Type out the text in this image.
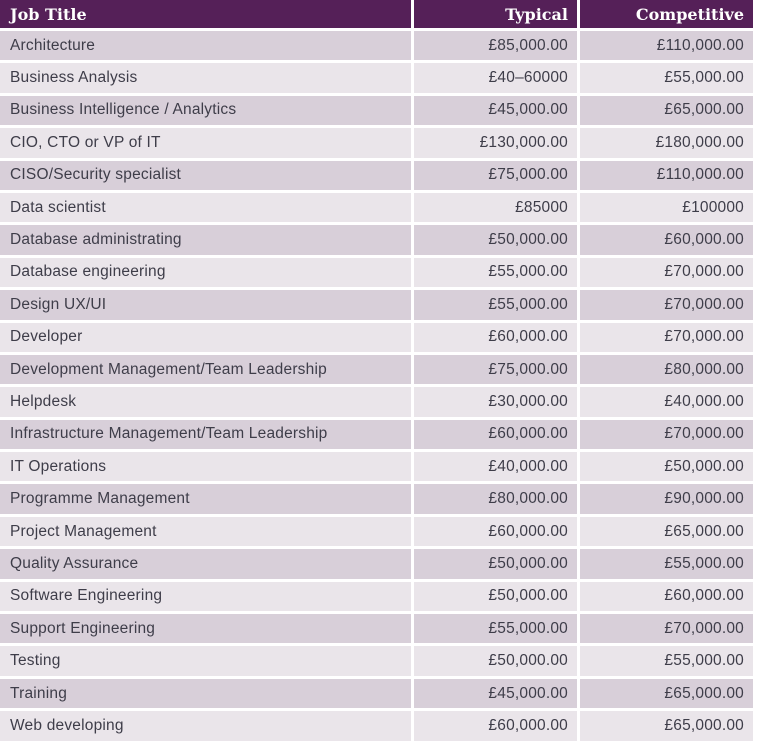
Job Title	Typical	Competitive
Architecture	£85,000.00	£110,000.00
Business Analysis	£40–60000	£55,000.00
Business Intelligence / Analytics	£45,000.00	£65,000.00
CIO, CTO or VP of IT	£130,000.00	£180,000.00
CISO/Security specialist	£75,000.00	£110,000.00
Data scientist	£85000	£100000
Database administrating	£50,000.00	£60,000.00
Database engineering	£55,000.00	£70,000.00
Design UX/UI	£55,000.00	£70,000.00
Developer	£60,000.00	£70,000.00
Development Management/Team Leadership	£75,000.00	£80,000.00
Helpdesk	£30,000.00	£40,000.00
Infrastructure Management/Team Leadership	£60,000.00	£70,000.00
IT Operations	£40,000.00	£50,000.00
Programme Management	£80,000.00	£90,000.00
Project Management	£60,000.00	£65,000.00
Quality Assurance	£50,000.00	£55,000.00
Software Engineering	£50,000.00	£60,000.00
Support Engineering	£55,000.00	£70,000.00
Testing	£50,000.00	£55,000.00
Training	£45,000.00	£65,000.00
Web developing	£60,000.00	£65,000.00
